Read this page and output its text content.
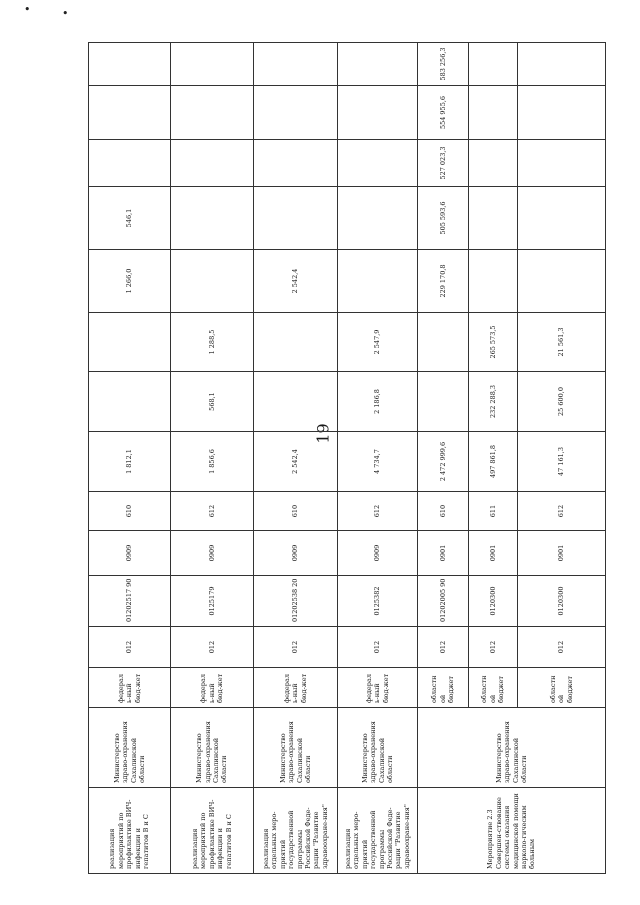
•	•
19
реализация мероприятий по профилактике ВИЧ-инфекции и гепатитов В и С	Министерство здраво-охранения Сахалинской области	федераль-ный бюд-жет	012	01202517 90	0909	610	1 812,1			1 266,0	546,1			
реализация мероприятий по профилактике ВИЧ-инфекции и гепатитов В и С	Министерство здраво-охранения Сахалинской области	федераль-ный бюд-жет	012	0125179	0909	612	1 856,6	568,1	1 288,5					
реализация отдельных меро-приятий государственной программы Российской Феде-рации "Развитие здравоохране-ния"	Министерство здраво-охранения Сахалинской области	федераль-ный бюд-жет	012	01202538 20	0909	610	2 542,4			2 542,4				
реализация отдельных меро-приятий государственной программы Российской Феде-рации "Развитие здравоохране-ния"	Министерство здраво-охранения Сахалинской области	федераль-ный бюд-жет	012	0125382	0909	612	4 734,7	2 186,8	2 547,9					
Мероприятие 2.3 Совершен-ствование системы оказания медицинской помощи нарколо-гическим больным	Министерство здраво-охранения Сахалинской области	областной бюджет	012	01202005 90	0901	610	2 472 999,6			229 170,8	505 593,6	527 023,3	554 955,6	583 256,3
		областной бюджет	012	0120300	0901	611	497 861,8	232 288,3	265 573,5					
		областной бюджет	012	0120300	0901	612	47 161,3	25 600,0	21 561,3					
